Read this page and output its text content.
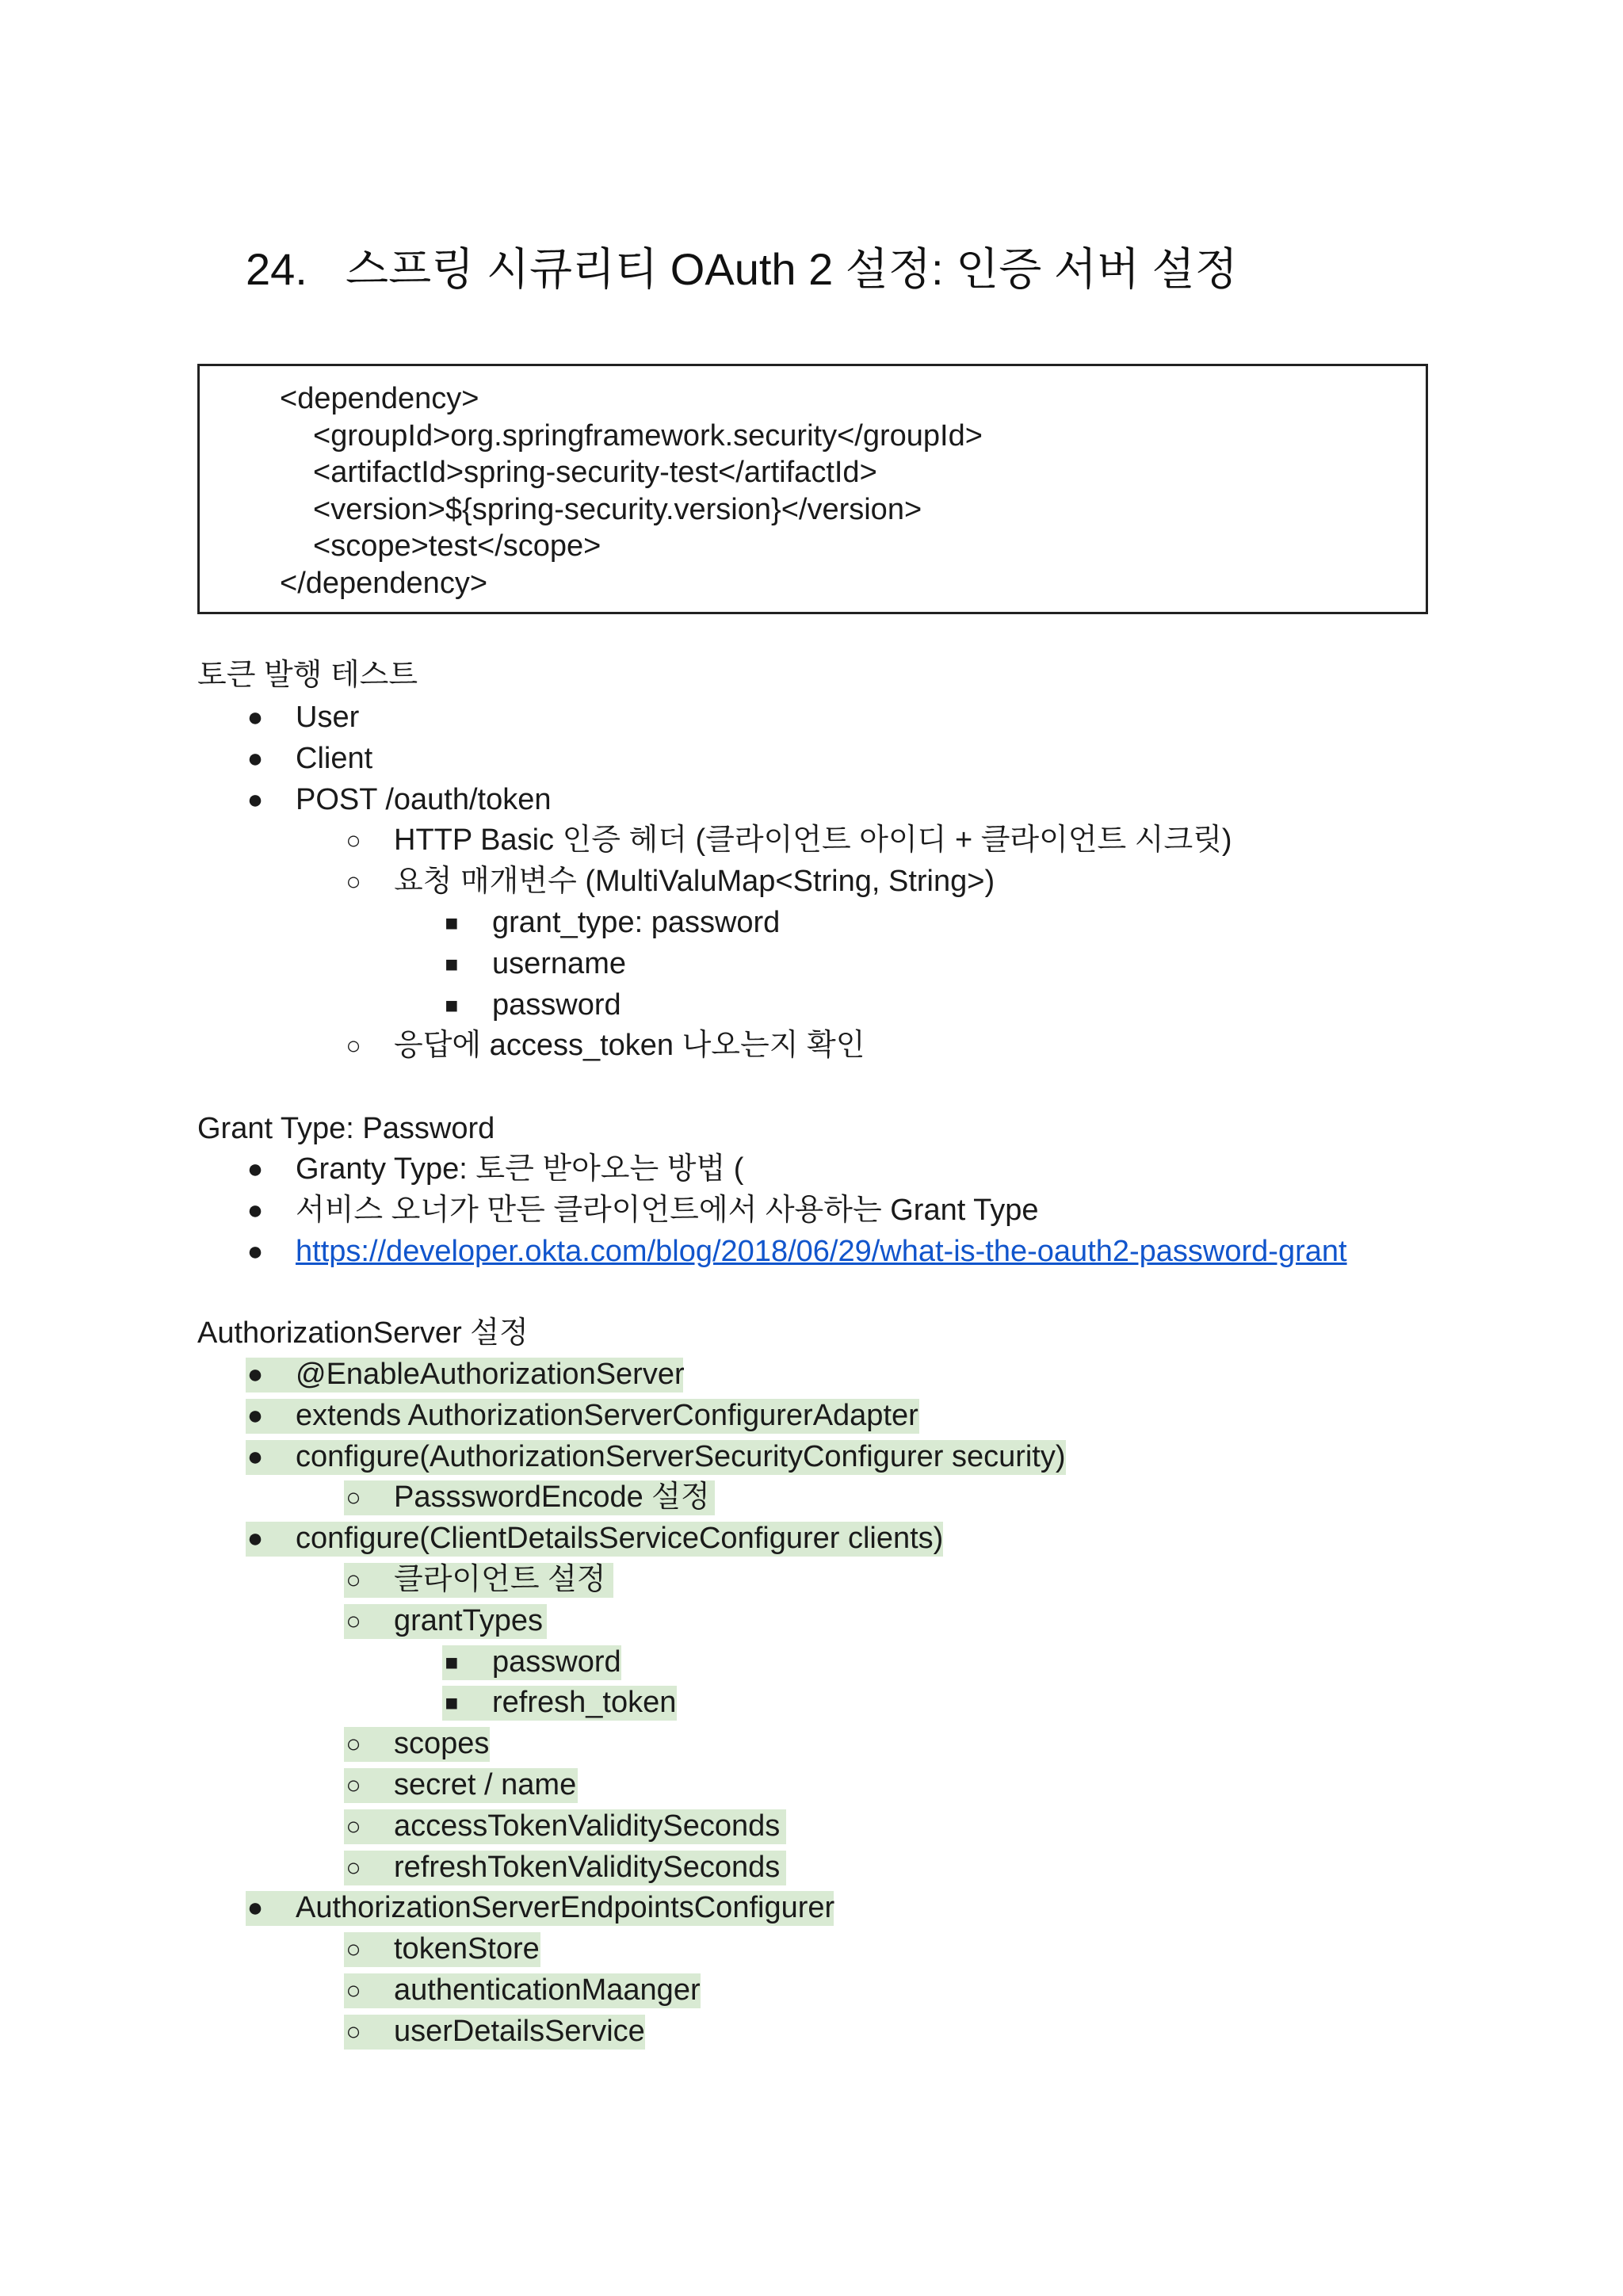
24. 스프링 시큐리티 OAuth 2 설정: 인증 서버 설정
<dependency>
<groupId>org.springframework.security</groupId>
<artifactId>spring-security-test</artifactId>
<version>${spring-security.version}</version>
<scope>test</scope>
</dependency>
토큰 발행 테스트
● User
● Client
● POST /oauth/token
○ HTTP Basic 인증 헤더 (클라이언트 아이디 + 클라이언트 시크릿)
○ 요청 매개변수 (MultiValuMap<String, String>)
■	grant_type: password
■	username
■	password
○ 응답에 access_token 나오는지 확인
Grant Type: Password
● Granty Type: 토큰 받아오는 방법 (
● 서비스 오너가 만든 클라이언트에서 사용하는 Grant Type
● https://developer.okta.com/blog/2018/06/29/what-is-the-oauth2-password-grant
AuthorizationServer 설정
● @EnableAuthorizationServer
● extends AuthorizationServerConfigurerAdapter
● configure(AuthorizationServerSecurityConfigurer security)
○ PassswordEncode 설정
● configure(ClientDetailsServiceConfigurer clients)
○ 클라이언트 설정
○ grantTypes
■	password
■	refresh_token
○ scopes
○ secret / name
○ accessTokenValiditySeconds
○ refreshTokenValiditySeconds
● AuthorizationServerEndpointsConfigurer
○ tokenStore
○ authenticationMaanger
○ userDetailsService
